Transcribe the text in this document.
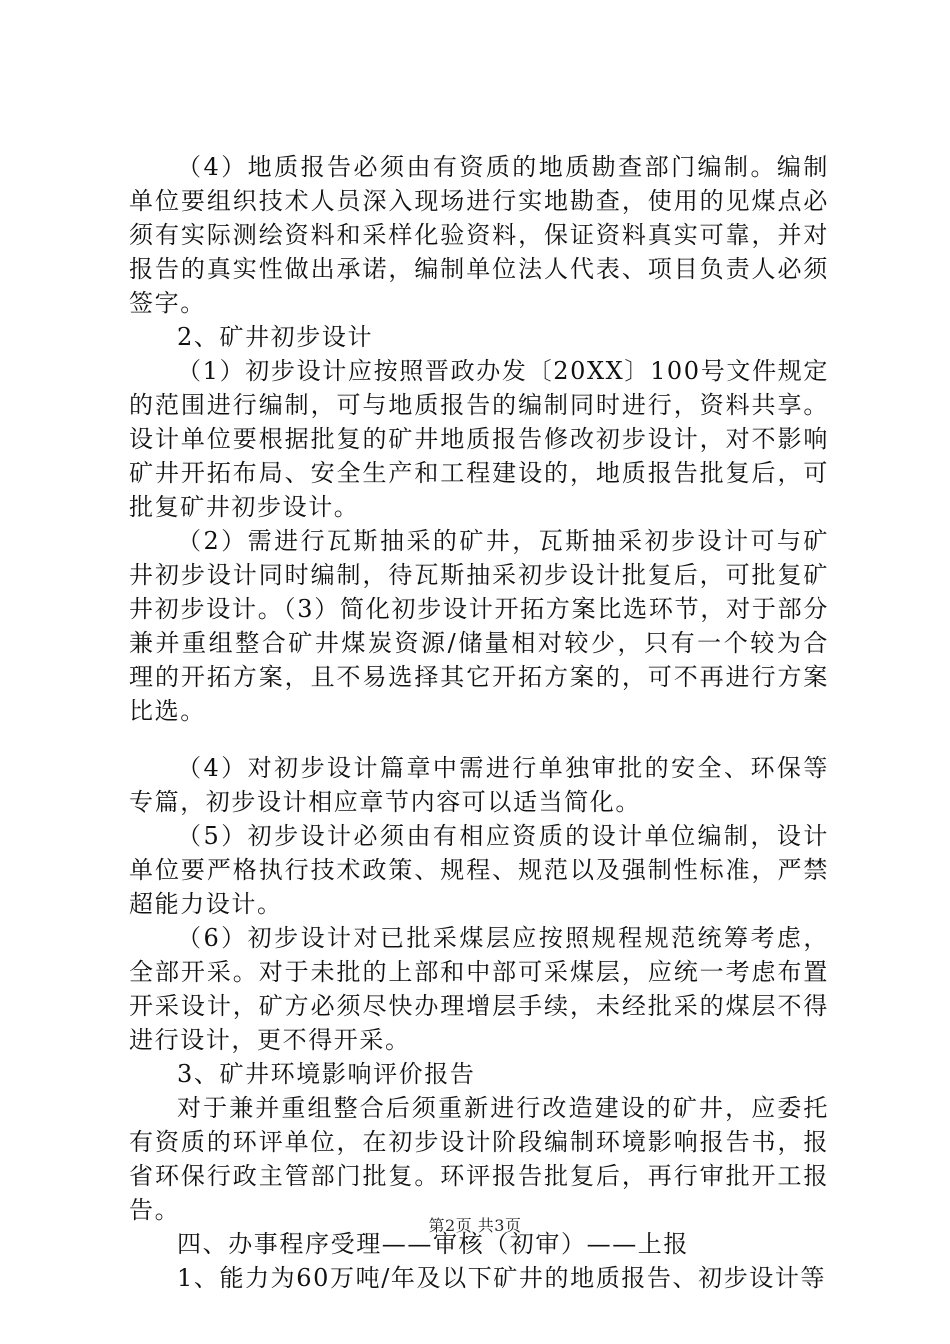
（4）地质报告必须由有资质的地质勘查部门编制。编制单位要组织技术人员深入现场进行实地勘查，使用的见煤点必须有实际测绘资料和采样化验资料，保证资料真实可靠，并对报告的真实性做出承诺，编制单位法人代表、项目负责人必须签字。

2、矿井初步设计

（1）初步设计应按照晋政办发〔20XX〕100号文件规定的范围进行编制，可与地质报告的编制同时进行，资料共享。设计单位要根据批复的矿井地质报告修改初步设计，对不影响矿井开拓布局、安全生产和工程建设的，地质报告批复后，可批复矿井初步设计。

（2）需进行瓦斯抽采的矿井，瓦斯抽采初步设计可与矿井初步设计同时编制，待瓦斯抽采初步设计批复后，可批复矿井初步设计。（3）简化初步设计开拓方案比选环节，对于部分兼并重组整合矿井煤炭资源/储量相对较少，只有一个较为合理的开拓方案，且不易选择其它开拓方案的，可不再进行方案比选。

（4）对初步设计篇章中需进行单独审批的安全、环保等专篇，初步设计相应章节内容可以适当简化。

（5）初步设计必须由有相应资质的设计单位编制，设计单位要严格执行技术政策、规程、规范以及强制性标准，严禁超能力设计。

（6）初步设计对已批采煤层应按照规程规范统筹考虑，全部开采。对于未批的上部和中部可采煤层，应统一考虑布置开采设计，矿方必须尽快办理增层手续，未经批采的煤层不得进行设计，更不得开采。

3、矿井环境影响评价报告

对于兼并重组整合后须重新进行改造建设的矿井，应委托有资质的环评单位，在初步设计阶段编制环境影响报告书，报省环保行政主管部门批复。环评报告批复后，再行审批开工报告。

四、办事程序受理——审核（初审）——上报

1、能力为60万吨/年及以下矿井的地质报告、初步设计等

第2页 共3页
